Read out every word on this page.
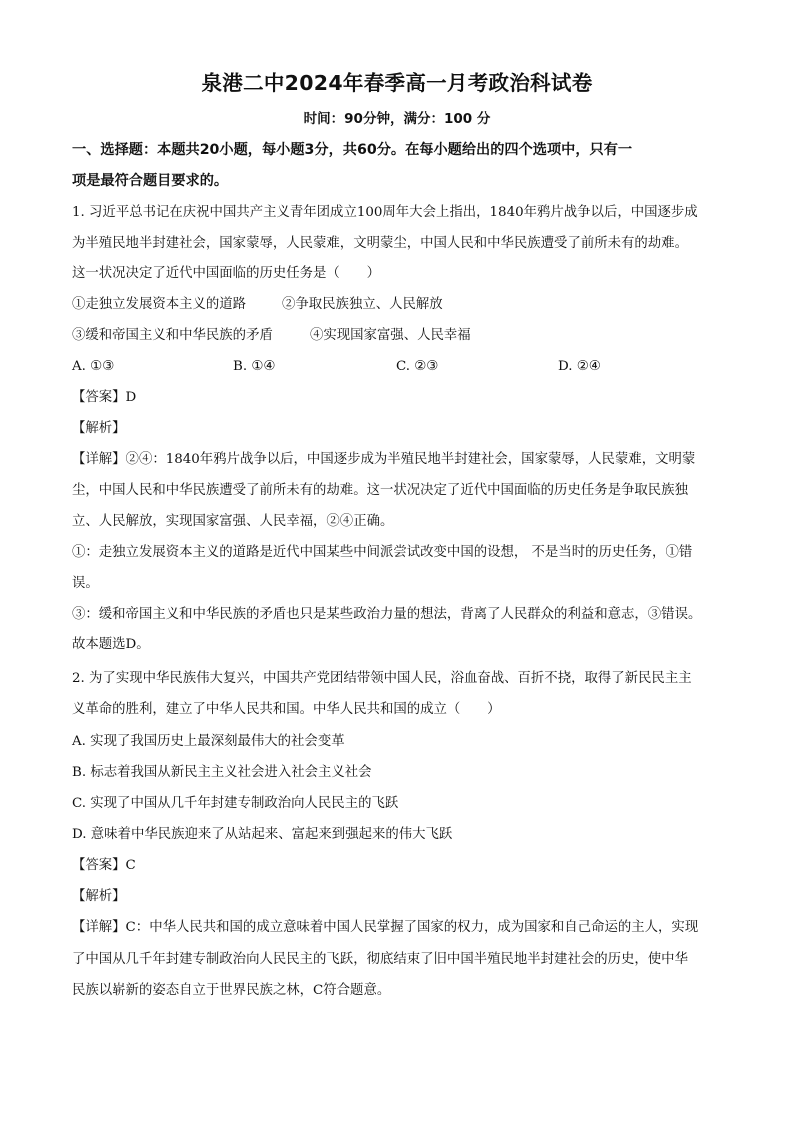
泉港二中2024年春季高一月考政治科试卷
时间：90分钟，满分：100 分
一、选择题：本题共20小题，每小题3分，共60分。在每小题给出的四个选项中，只有一
项是最符合题目要求的。
1. 习近平总书记在庆祝中国共产主义青年团成立100周年大会上指出，1840年鸦片战争以后，中国逐步成
为半殖民地半封建社会，国家蒙辱，人民蒙难，文明蒙尘，中国人民和中华民族遭受了前所未有的劫难。
这一状况决定了近代中国面临的历史任务是（　　）
①走独立发展资本主义的道路	②争取民族独立、人民解放
③缓和帝国主义和中华民族的矛盾	④实现国家富强、人民幸福
A. ①③	B. ①④	C. ②③	D. ②④
【答案】D
【解析】
【详解】②④：1840年鸦片战争以后，中国逐步成为半殖民地半封建社会，国家蒙辱，人民蒙难，文明蒙
尘，中国人民和中华民族遭受了前所未有的劫难。这一状况决定了近代中国面临的历史任务是争取民族独
立、人民解放，实现国家富强、人民幸福，②④正确。
①：走独立发展资本主义的道路是近代中国某些中间派尝试改变中国的设想， 不是当时的历史任务，①错
误。
③：缓和帝国主义和中华民族的矛盾也只是某些政治力量的想法，背离了人民群众的利益和意志，③错误。
故本题选D。
2. 为了实现中华民族伟大复兴，中国共产党团结带领中国人民，浴血奋战、百折不挠，取得了新民民主主
义革命的胜利，建立了中华人民共和国。中华人民共和国的成立（　　）
A. 实现了我国历史上最深刻最伟大的社会变革
B. 标志着我国从新民主主义社会进入社会主义社会
C. 实现了中国从几千年封建专制政治向人民民主的飞跃
D. 意味着中华民族迎来了从站起来、富起来到强起来的伟大飞跃
【答案】C
【解析】
【详解】C：中华人民共和国的成立意味着中国人民掌握了国家的权力，成为国家和自己命运的主人，实现
了中国从几千年封建专制政治向人民民主的飞跃，彻底结束了旧中国半殖民地半封建社会的历史，使中华
民族以崭新的姿态自立于世界民族之林，C符合题意。
